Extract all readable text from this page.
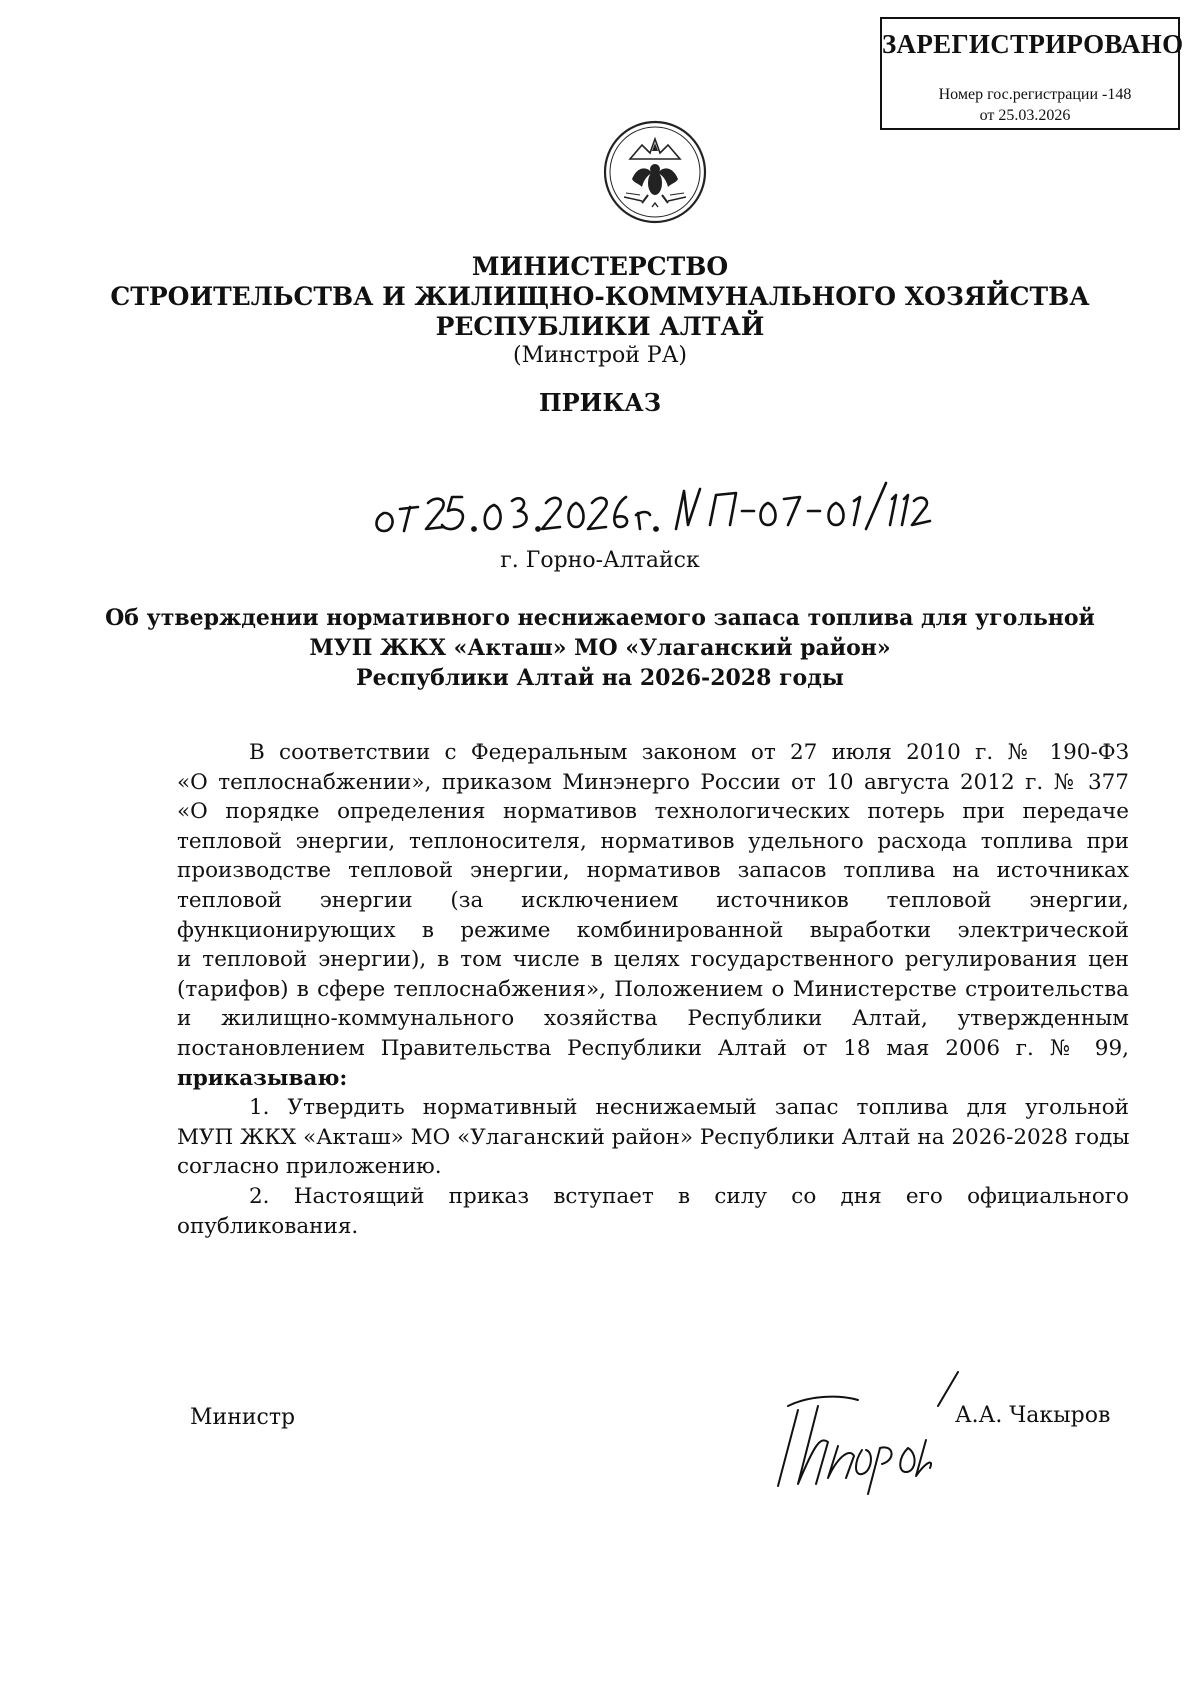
ЗАРЕГИСТРИРОВАНО
Номер гос.регистрации -148
от 25.03.2026
МИНИСТЕРСТВО
СТРОИТЕЛЬСТВА И ЖИЛИЩНО-КОММУНАЛЬНОГО ХОЗЯЙСТВА
РЕСПУБЛИКИ АЛТАЙ
(Минстрой РА)
ПРИКАЗ
г. Горно-Алтайск
Об утверждении нормативного неснижаемого запаса топлива для угольной
МУП ЖКХ «Акташ» МО «Улаганский район»
Республики Алтай на 2026-2028 годы
В соответствии с Федеральным законом от 27 июля 2010 г. № 190-ФЗ
«О теплоснабжении», приказом Минэнерго России от 10 августа 2012 г. № 377
«О порядке определения нормативов технологических потерь при передаче
тепловой энергии, теплоносителя, нормативов удельного расхода топлива при
производстве тепловой энергии, нормативов запасов топлива на источниках
тепловой энергии (за исключением источников тепловой энергии,
функционирующих в режиме комбинированной выработки электрической
и тепловой энергии), в том числе в целях государственного регулирования цен
(тарифов) в сфере теплоснабжения», Положением о Министерстве строительства
и жилищно-коммунального хозяйства Республики Алтай, утвержденным
постановлением Правительства Республики Алтай от 18 мая 2006 г. № 99,
приказываю:
1. Утвердить нормативный неснижаемый запас топлива для угольной
МУП ЖКХ «Акташ» МО «Улаганский район» Республики Алтай на 2026-2028 годы
согласно приложению.
2. Настоящий приказ вступает в силу со дня его официального
опубликования.
Министр	А.А. Чакыров
